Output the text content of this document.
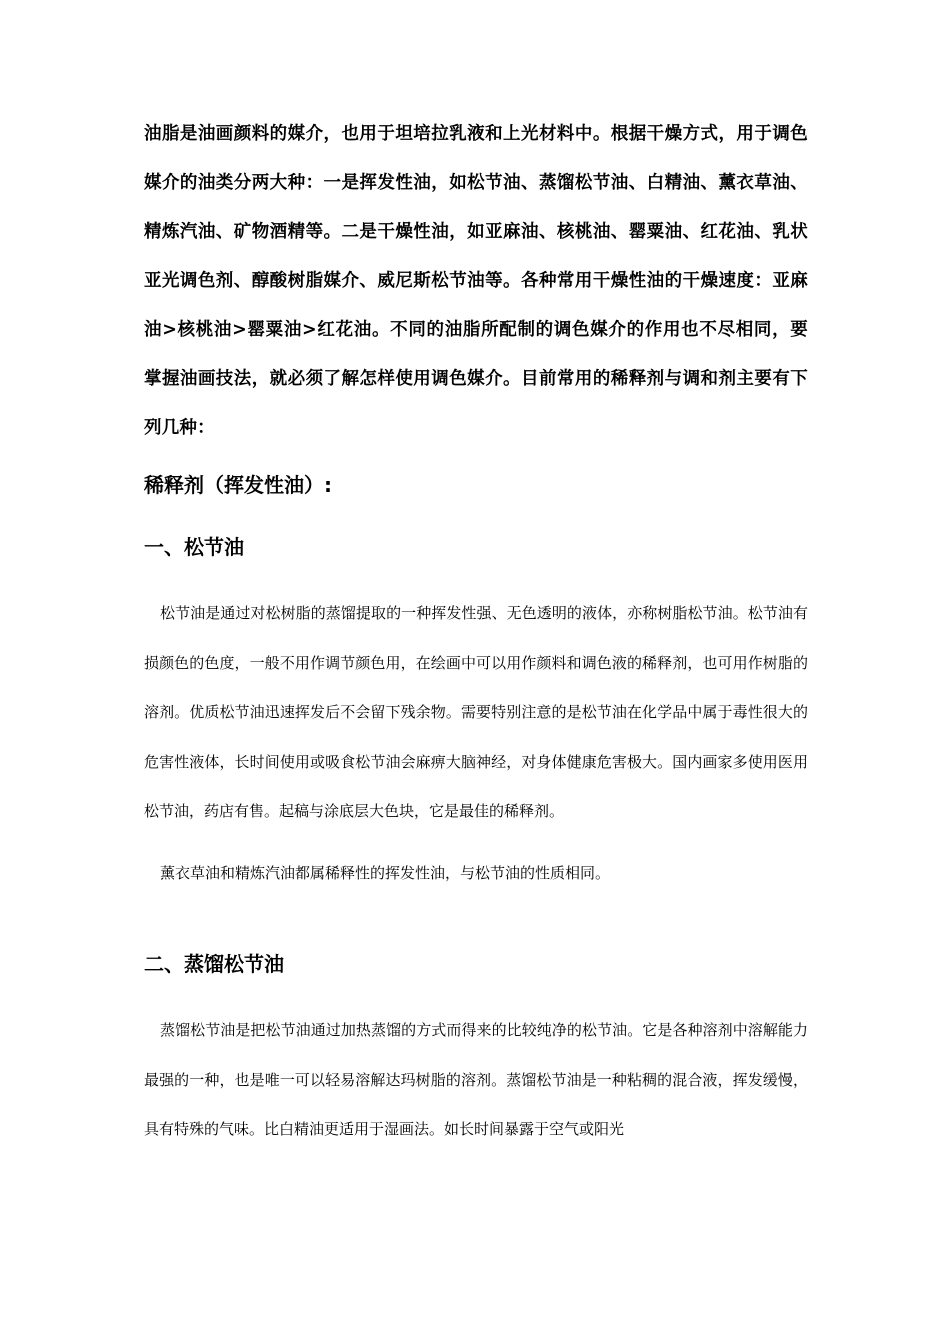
油脂是油画颜料的媒介，也用于坦培拉乳液和上光材料中。根据干燥方式，用于调色媒介的油类分两大种：一是挥发性油，如松节油、蒸馏松节油、白精油、薰衣草油、精炼汽油、矿物酒精等。二是干燥性油，如亚麻油、核桃油、罂粟油、红花油、乳状亚光调色剂、醇酸树脂媒介、威尼斯松节油等。各种常用干燥性油的干燥速度：亚麻油>核桃油>罂粟油>红花油。不同的油脂所配制的调色媒介的作用也不尽相同，要掌握油画技法，就必须了解怎样使用调色媒介。目前常用的稀释剂与调和剂主要有下列几种：

稀释剂（挥发性油）:
一、松节油

松节油是通过对松树脂的蒸馏提取的一种挥发性强、无色透明的液体，亦称树脂松节油。松节油有损颜色的色度，一般不用作调节颜色用，在绘画中可以用作颜料和调色液的稀释剂，也可用作树脂的溶剂。优质松节油迅速挥发后不会留下残余物。需要特别注意的是松节油在化学品中属于毒性很大的危害性液体，长时间使用或吸食松节油会麻痹大脑神经，对身体健康危害极大。国内画家多使用医用松节油，药店有售。起稿与涂底层大色块，它是最佳的稀释剂。

薰衣草油和精炼汽油都属稀释性的挥发性油，与松节油的性质相同。

二、蒸馏松节油

蒸馏松节油是把松节油通过加热蒸馏的方式而得来的比较纯净的松节油。它是各种溶剂中溶解能力最强的一种，也是唯一可以轻易溶解达玛树脂的溶剂。蒸馏松节油是一种粘稠的混合液，挥发缓慢，具有特殊的气味。比白精油更适用于湿画法。如长时间暴露于空气或阳光
